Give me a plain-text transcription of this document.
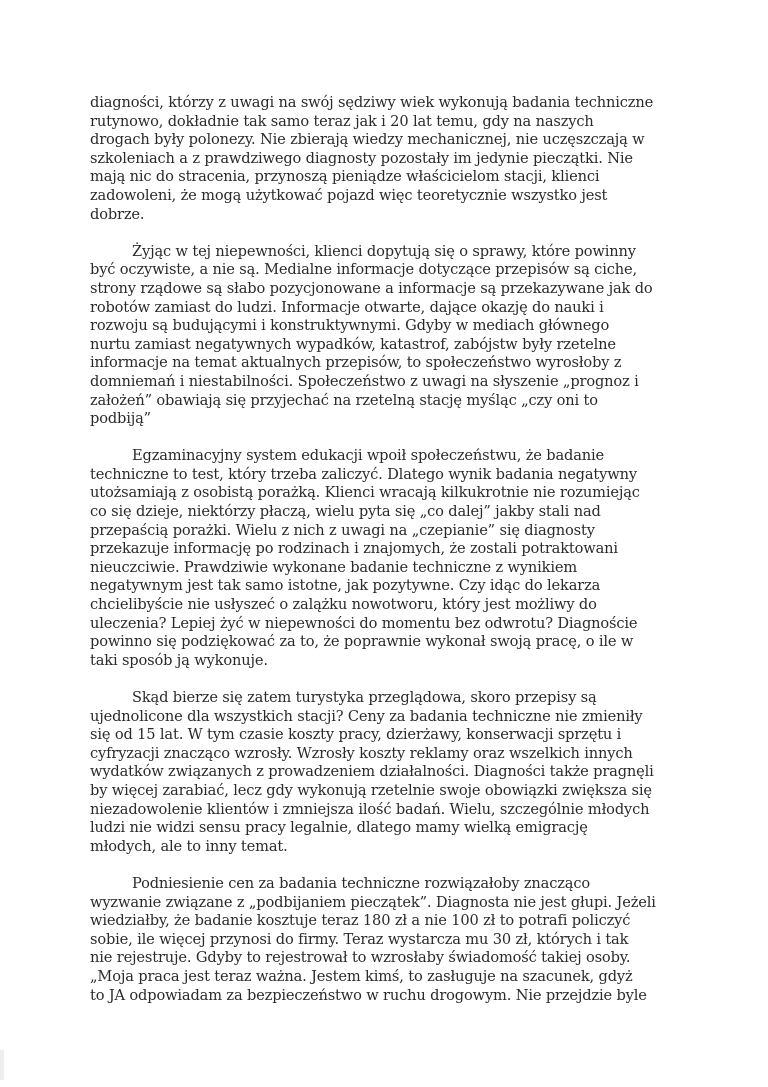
diagności, którzy z uwagi na swój sędziwy wiek wykonują badania techniczne
rutynowo, dokładnie tak samo teraz jak i 20 lat temu, gdy na naszych
drogach były polonezy. Nie zbierają wiedzy mechanicznej, nie uczęszczają w
szkoleniach a z prawdziwego diagnosty pozostały im jedynie pieczątki. Nie
mają nic do stracenia, przynoszą pieniądze właścicielom stacji, klienci
zadowoleni, że mogą użytkować pojazd więc teoretycznie wszystko jest
dobrze.
Żyjąc w tej niepewności, klienci dopytują się o sprawy, które powinny
być oczywiste, a nie są. Medialne informacje dotyczące przepisów są ciche,
strony rządowe są słabo pozycjonowane a informacje są przekazywane jak do
robotów zamiast do ludzi. Informacje otwarte, dające okazję do nauki i
rozwoju są budującymi i konstruktywnymi. Gdyby w mediach głównego
nurtu zamiast negatywnych wypadków, katastrof, zabójstw były rzetelne
informacje na temat aktualnych przepisów, to społeczeństwo wyrosłoby z
domniemań i niestabilności. Społeczeństwo z uwagi na słyszenie „prognoz i
założeń” obawiają się przyjechać na rzetelną stację myśląc „czy oni to
podbiją”
Egzaminacyjny system edukacji wpoił społeczeństwu, że badanie
techniczne to test, który trzeba zaliczyć. Dlatego wynik badania negatywny
utożsamiają z osobistą porażką. Klienci wracają kilkukrotnie nie rozumiejąc
co się dzieje, niektórzy płaczą, wielu pyta się „co dalej” jakby stali nad
przepaścią porażki. Wielu z nich z uwagi na „czepianie” się diagnosty
przekazuje informację po rodzinach i znajomych, że zostali potraktowani
nieuczciwie. Prawdziwie wykonane badanie techniczne z wynikiem
negatywnym jest tak samo istotne, jak pozytywne. Czy idąc do lekarza
chcielibyście nie usłyszeć o zalążku nowotworu, który jest możliwy do
uleczenia? Lepiej żyć w niepewności do momentu bez odwrotu? Diagnoście
powinno się podziękować za to, że poprawnie wykonał swoją pracę, o ile w
taki sposób ją wykonuje.
Skąd bierze się zatem turystyka przeglądowa, skoro przepisy są
ujednolicone dla wszystkich stacji? Ceny za badania techniczne nie zmieniły
się od 15 lat. W tym czasie koszty pracy, dzierżawy, konserwacji sprzętu i
cyfryzacji znacząco wzrosły. Wzrosły koszty reklamy oraz wszelkich innych
wydatków związanych z prowadzeniem działalności. Diagności także pragnęli
by więcej zarabiać, lecz gdy wykonują rzetelnie swoje obowiązki zwiększa się
niezadowolenie klientów i zmniejsza ilość badań. Wielu, szczególnie młodych
ludzi nie widzi sensu pracy legalnie, dlatego mamy wielką emigrację
młodych, ale to inny temat.
Podniesienie cen za badania techniczne rozwiązałoby znacząco
wyzwanie związane z „podbijaniem pieczątek”. Diagnosta nie jest głupi. Jeżeli
wiedziałby, że badanie kosztuje teraz 180 zł a nie 100 zł to potrafi policzyć
sobie, ile więcej przynosi do firmy. Teraz wystarcza mu 30 zł, których i tak
nie rejestruje. Gdyby to rejestrował to wzrosłaby świadomość takiej osoby.
„Moja praca jest teraz ważna. Jestem kimś, to zasługuje na szacunek, gdyż
to JA odpowiadam za bezpieczeństwo w ruchu drogowym. Nie przejdzie byle
